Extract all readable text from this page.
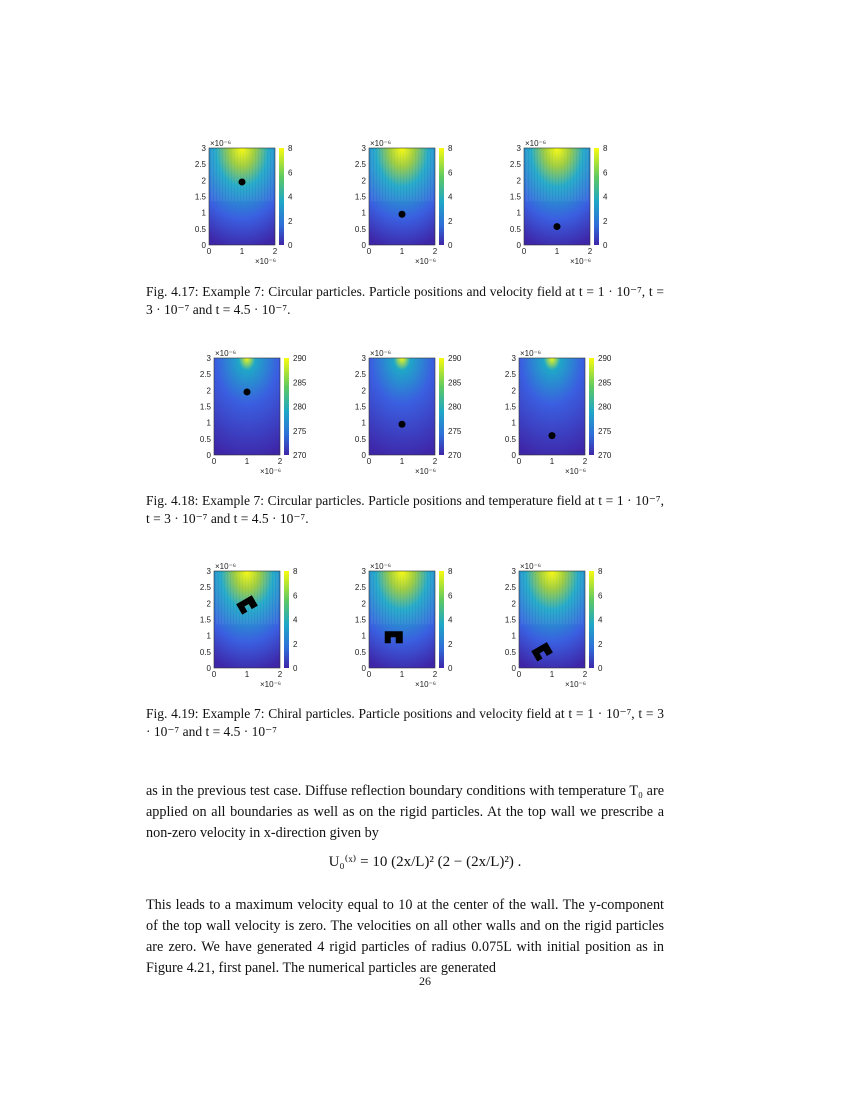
3
2.5
2
1.5
1
0.5
0
0	1	2
×10⁻⁶
×10⁻⁶
8
6
4
2
0
3
2.5
2
1.5
1
0.5
0
0	1	2
×10⁻⁶
×10⁻⁶
8
6
4
2
0
3
2.5
2
1.5
1
0.5
0
0	1	2
×10⁻⁶
×10⁻⁶
8
6
4
2
0
Fig. 4.17: Example 7: Circular particles. Particle positions and velocity field at t = 1 · 10⁻⁷, t = 3 · 10⁻⁷ and t = 4.5 · 10⁻⁷.
3
2.5
2
1.5
1
0.5
0
0	1	2
×10⁻⁶
×10⁻⁶
290
285
280
275
270
3
2.5
2
1.5
1
0.5
0
0	1	2
×10⁻⁶
×10⁻⁶
290
285
280
275
270
3
2.5
2
1.5
1
0.5
0
0	1	2
×10⁻⁶
×10⁻⁶
290
285
280
275
270
Fig. 4.18: Example 7: Circular particles. Particle positions and temperature field at t = 1 · 10⁻⁷, t = 3 · 10⁻⁷ and t = 4.5 · 10⁻⁷.
3
2.5
2
1.5
1
0.5
0
0	1	2
×10⁻⁶
×10⁻⁶
8
6
4
2
0
3
2.5
2
1.5
1
0.5
0
0	1	2
×10⁻⁶
×10⁻⁶
8
6
4
2
0
3
2.5
2
1.5
1
0.5
0
0	1	2
×10⁻⁶
×10⁻⁶
8
6
4
2
0
Fig. 4.19: Example 7: Chiral particles. Particle positions and velocity field at t = 1 · 10⁻⁷, t = 3 · 10⁻⁷ and t = 4.5 · 10⁻⁷
as in the previous test case. Diffuse reflection boundary conditions with temperature T₀ are applied on all boundaries as well as on the rigid particles. At the top wall we prescribe a non-zero velocity in x-direction given by
U₀⁽ˣ⁾ = 10 (2x/L)² (2 − (2x/L)²) .
This leads to a maximum velocity equal to 10 at the center of the wall. The y-component of the top wall velocity is zero. The velocities on all other walls and on the rigid particles are zero. We have generated 4 rigid particles of radius 0.075L with initial position as in Figure 4.21, first panel. The numerical particles are generated
26
